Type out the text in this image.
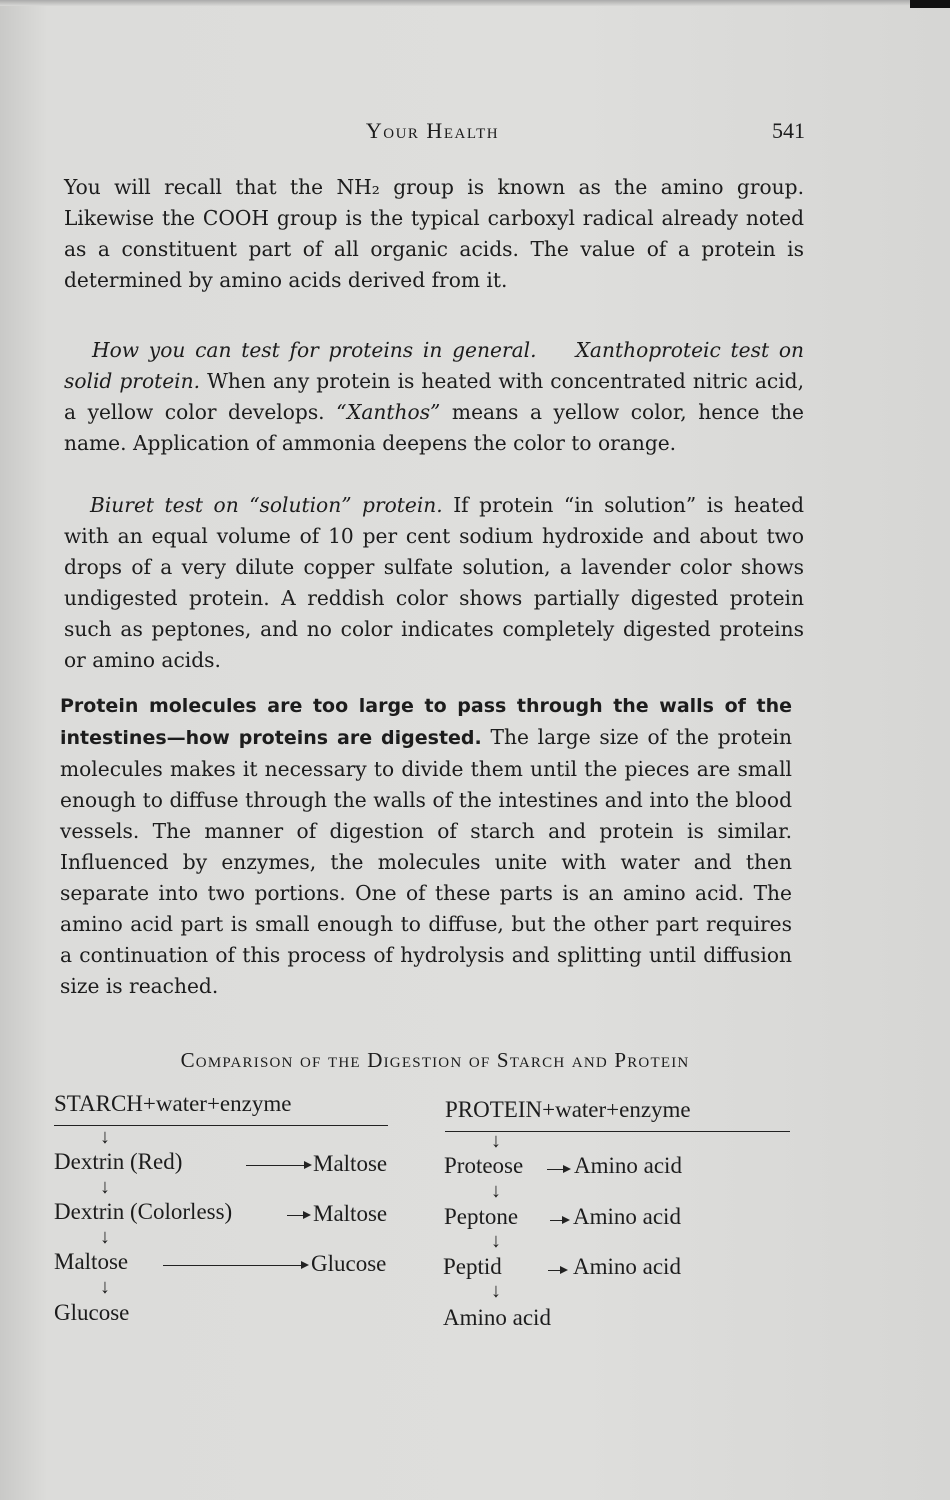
Your Health	541
You will recall that the NH₂ group is known as the amino group. Likewise the COOH group is the typical carboxyl radical already noted as a constituent part of all organic acids. The value of a protein is determined by amino acids derived from it.
How you can test for proteins in general. Xanthoproteic test on solid protein. When any protein is heated with concentrated nitric acid, a yellow color develops. “Xanthos” means a yellow color, hence the name. Application of ammonia deepens the color to orange.
Biuret test on “solution” protein. If protein “in solution” is heated with an equal volume of 10 per cent sodium hydroxide and about two drops of a very dilute copper sulfate solution, a lavender color shows undigested protein. A reddish color shows partially digested protein such as peptones, and no color indicates completely digested proteins or amino acids.
Protein molecules are too large to pass through the walls of the intestines—how proteins are digested. The large size of the protein molecules makes it necessary to divide them until the pieces are small enough to diffuse through the walls of the intestines and into the blood vessels. The manner of digestion of starch and protein is similar. Influenced by enzymes, the molecules unite with water and then separate into two portions. One of these parts is an amino acid. The amino acid part is small enough to diffuse, but the other part requires a continuation of this process of hydrolysis and splitting until diffusion size is reached.
Comparison of the Digestion of Starch and Protein
STARCH+water+enzyme
↓
Dextrin (Red)	Maltose
↓
Dextrin (Colorless)	Maltose
↓
Maltose	Glucose
↓
Glucose
PROTEIN+water+enzyme
↓
Proteose Amino acid
↓
Peptone Amino acid
↓
Peptid	Amino acid
↓
Amino acid
